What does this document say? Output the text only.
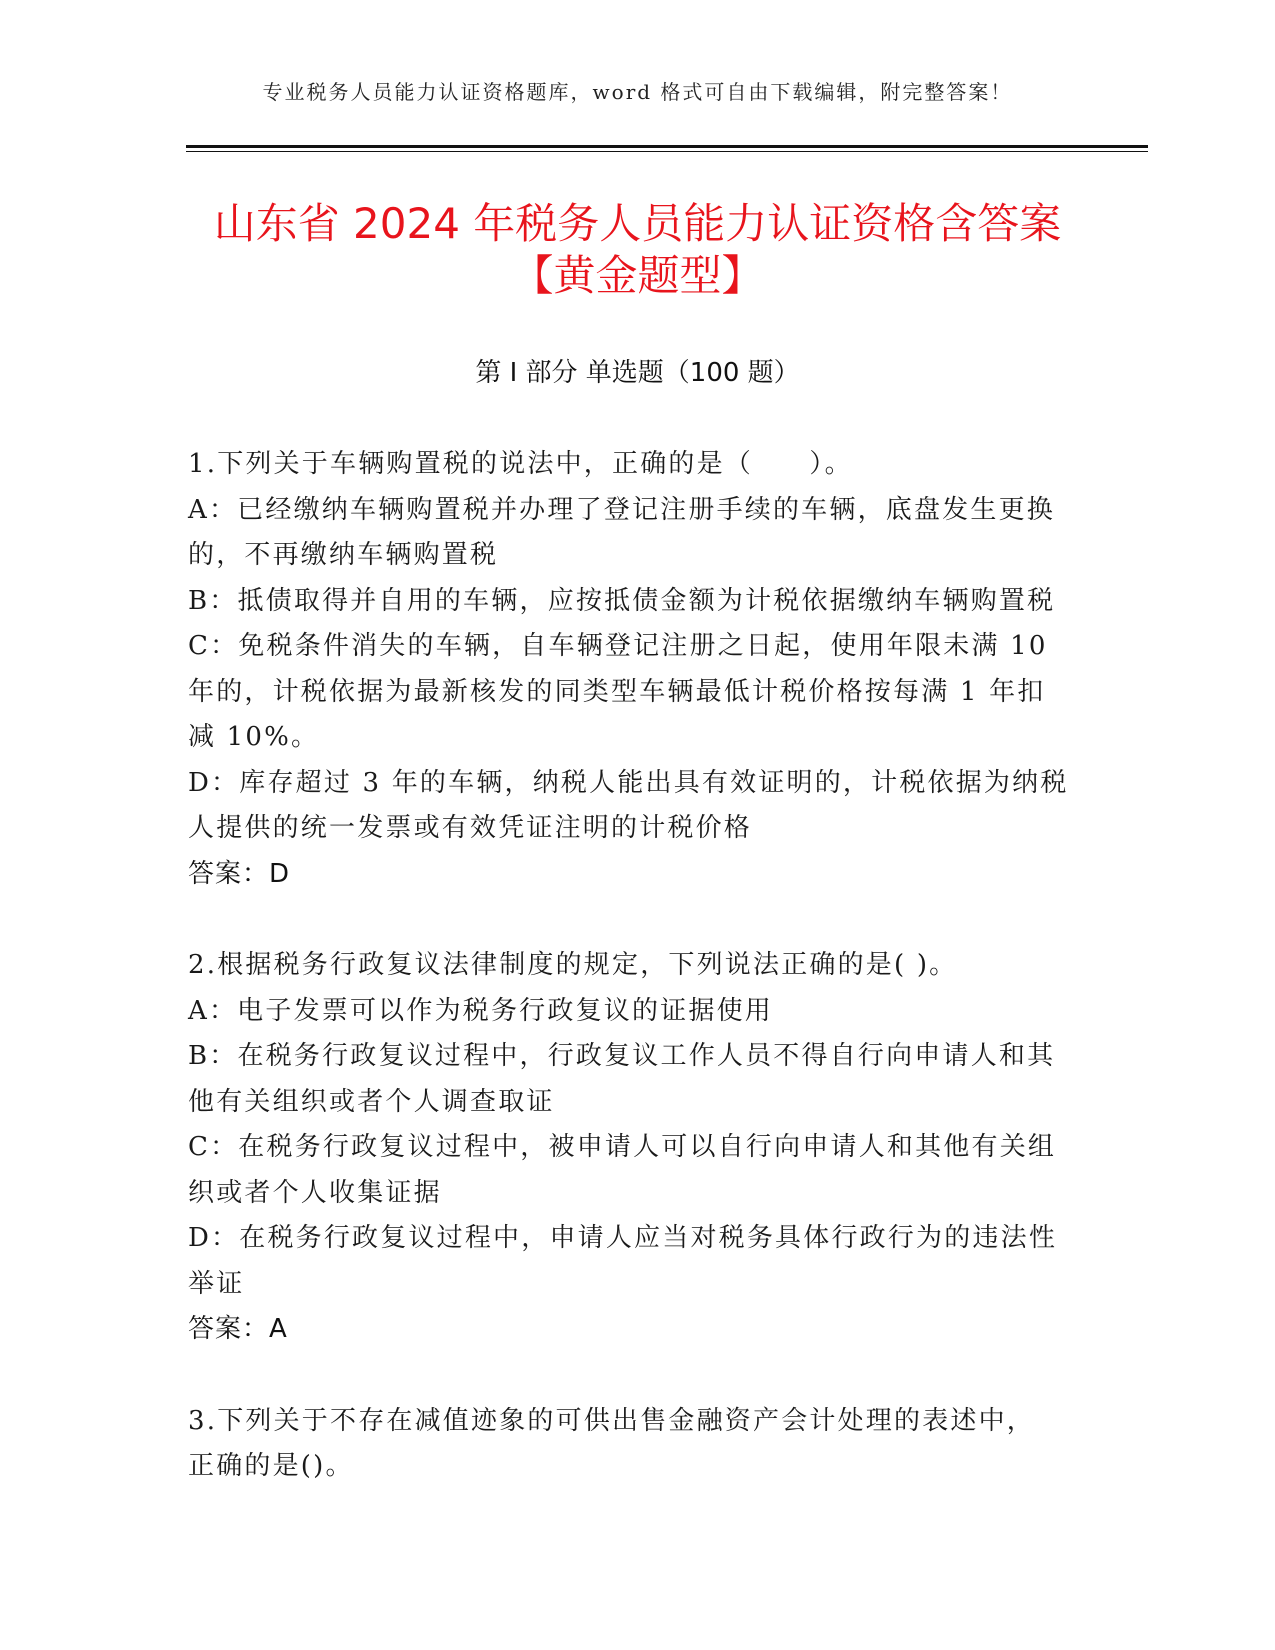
专业税务人员能力认证资格题库，word 格式可自由下载编辑，附完整答案！
山东省 2024 年税务人员能力认证资格含答案
【黄金题型】
第 I 部分 单选题（100 题）
1.下列关于车辆购置税的说法中，正确的是（　　）。
A：已经缴纳车辆购置税并办理了登记注册手续的车辆，底盘发生更换
的，不再缴纳车辆购置税
B：抵债取得并自用的车辆，应按抵债金额为计税依据缴纳车辆购置税
C：免税条件消失的车辆，自车辆登记注册之日起，使用年限未满 10
年的，计税依据为最新核发的同类型车辆最低计税价格按每满 1 年扣
减 10%。
D：库存超过 3 年的车辆，纳税人能出具有效证明的，计税依据为纳税
人提供的统一发票或有效凭证注明的计税价格
答案：D
2.根据税务行政复议法律制度的规定，下列说法正确的是( )。
A：电子发票可以作为税务行政复议的证据使用
B：在税务行政复议过程中，行政复议工作人员不得自行向申请人和其
他有关组织或者个人调查取证
C：在税务行政复议过程中，被申请人可以自行向申请人和其他有关组
织或者个人收集证据
D：在税务行政复议过程中，申请人应当对税务具体行政行为的违法性
举证
答案：A
3.下列关于不存在减值迹象的可供出售金融资产会计处理的表述中，
正确的是()。
